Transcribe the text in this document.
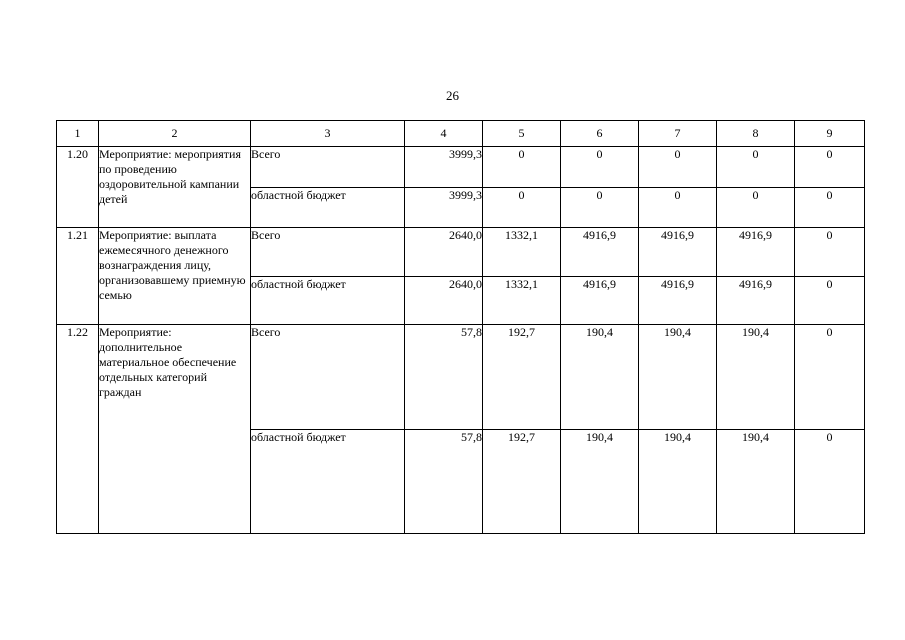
26
1	2	3	4	5	6	7	8	9
1.20	Мероприятие: мероприятия по проведению оздоровительной кампании детей	Всего	3999,3	0	0	0	0	0
		областной бюджет	3999,3	0	0	0	0	0
1.21	Мероприятие: выплата ежемесячного денежного вознаграждения лицу, организовавшему приемную семью	Всего	2640,0	1332,1	4916,9	4916,9	4916,9	0
		областной бюджет	2640,0	1332,1	4916,9	4916,9	4916,9	0
1.22	Мероприятие: дополнительное материальное обеспечение отдельных категорий граждан	Всего	57,8	192,7	190,4	190,4	190,4	0
		областной бюджет	57,8	192,7	190,4	190,4	190,4	0
